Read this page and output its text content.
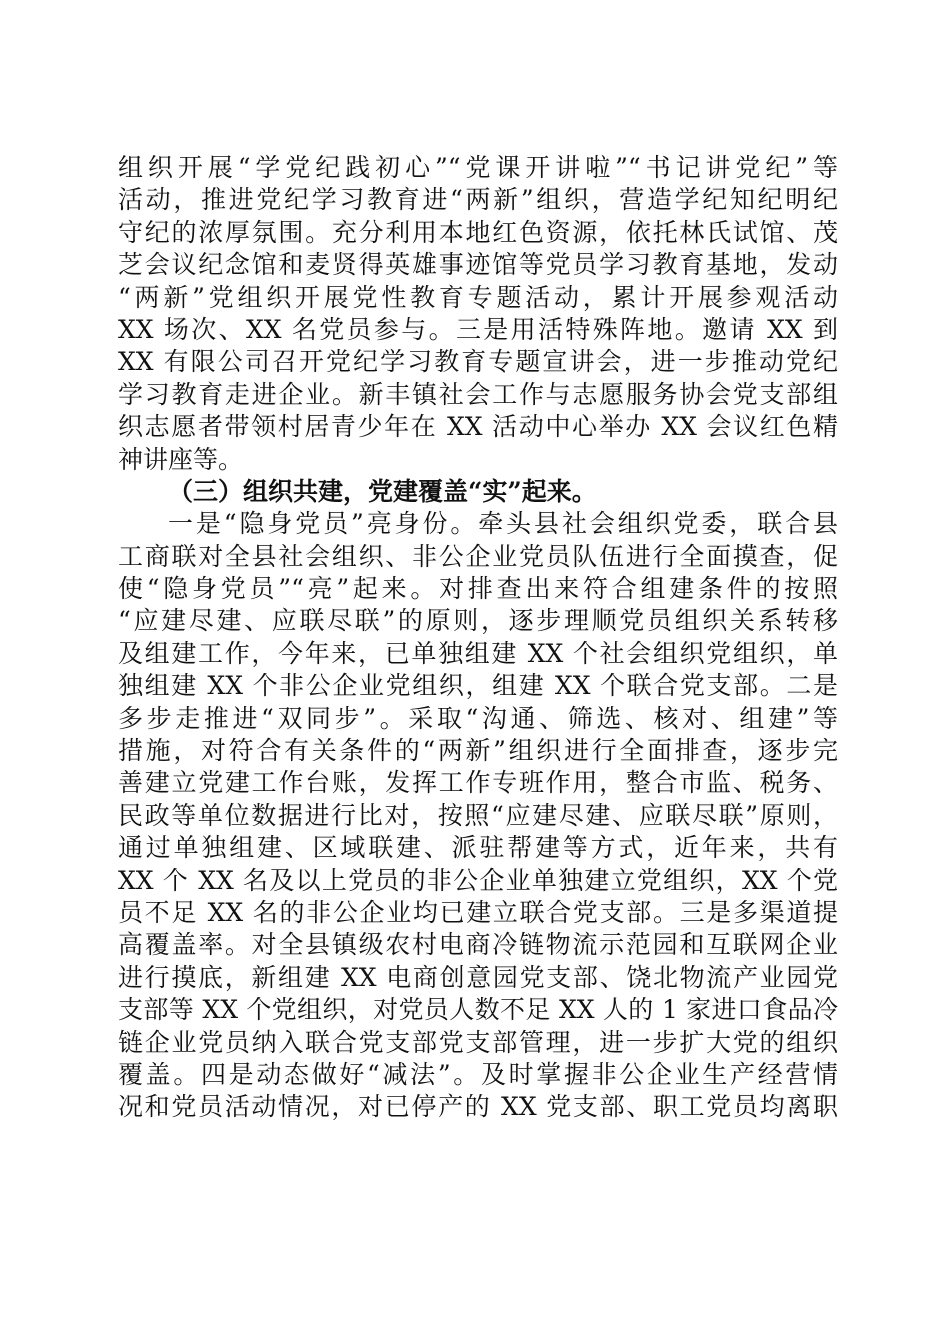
组织开展“学党纪践初心”“党课开讲啦”“书记讲党纪”等
活动，推进党纪学习教育进“两新”组织，营造学纪知纪明纪
守纪的浓厚氛围。充分利用本地红色资源，依托林氏试馆、茂
芝会议纪念馆和麦贤得英雄事迹馆等党员学习教育基地，发动
“两新”党组织开展党性教育专题活动，累计开展参观活动
XX 场次、XX 名党员参与。三是用活特殊阵地。邀请 XX 到
XX 有限公司召开党纪学习教育专题宣讲会，进一步推动党纪
学习教育走进企业。新丰镇社会工作与志愿服务协会党支部组
织志愿者带领村居青少年在 XX 活动中心举办 XX 会议红色精
神讲座等。
（三）组织共建，党建覆盖“实”起来。
一是“隐身党员”亮身份。牵头县社会组织党委，联合县
工商联对全县社会组织、非公企业党员队伍进行全面摸查，促
使“隐身党员”“亮”起来。对排查出来符合组建条件的按照
“应建尽建、应联尽联”的原则，逐步理顺党员组织关系转移
及组建工作，今年来，已单独组建 XX 个社会组织党组织，单
独组建 XX 个非公企业党组织，组建 XX 个联合党支部。二是
多步走推进“双同步”。采取“沟通、筛选、核对、组建”等
措施，对符合有关条件的“两新”组织进行全面排查，逐步完
善建立党建工作台账，发挥工作专班作用，整合市监、税务、
民政等单位数据进行比对，按照“应建尽建、应联尽联”原则，
通过单独组建、区域联建、派驻帮建等方式，近年来，共有
XX 个 XX 名及以上党员的非公企业单独建立党组织，XX 个党
员不足 XX 名的非公企业均已建立联合党支部。三是多渠道提
高覆盖率。对全县镇级农村电商冷链物流示范园和互联网企业
进行摸底，新组建 XX 电商创意园党支部、饶北物流产业园党
支部等 XX 个党组织，对党员人数不足 XX 人的 1 家进口食品冷
链企业党员纳入联合党支部党支部管理，进一步扩大党的组织
覆盖。四是动态做好“减法”。及时掌握非公企业生产经营情
况和党员活动情况，对已停产的 XX 党支部、职工党员均离职
